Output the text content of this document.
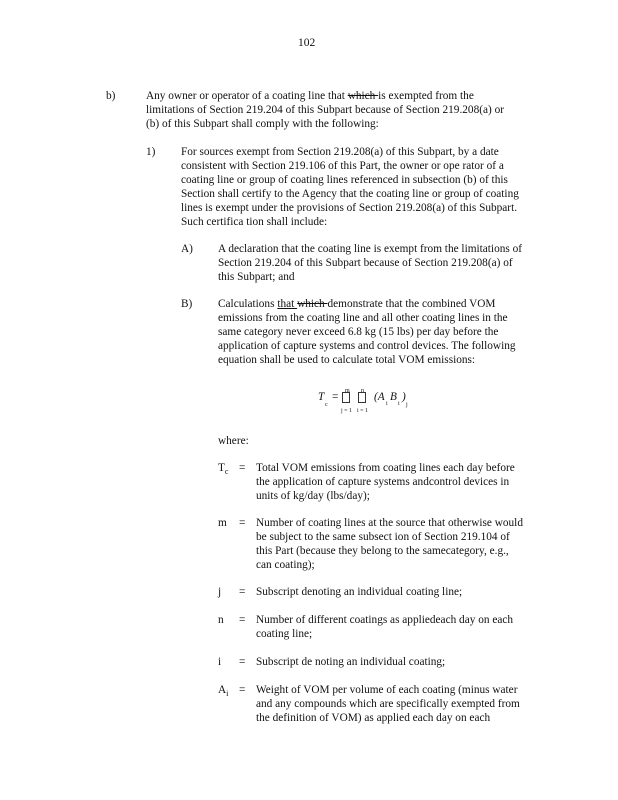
102
b)	Any owner or operator of a coating line that which is exempted from the
limitations of Section 219.204 of this Subpart because of Section 219.208(a) or
(b) of this Subpart shall comply with the following:
1) For sources exempt from Section 219.208(a) of this Subpart, by a date
consistent with Section 219.106 of this Part, the owner or ope rator of a
coating line or group of coating lines referenced in subsection (b) of this
Section shall certify to the Agency that the coating line or group of coating
lines is exempt under the provisions of Section 219.208(a) of this Subpart.
Such certifica tion shall include:
A) A declaration that the coating line is exempt from the limitations of
Section 219.204 of this Subpart because of Section 219.208(a) of
this Subpart; and
B) Calculations that which demonstrate that the combined VOM
emissions from the coating line and all other coating lines in the
same category never exceed 6.8 kg (15 lbs) per day before the
application of capture systems and control devices. The following
equation shall be used to calculate total VOM emissions:
T
c
= m
j = 1
n
i = 1
(A
i
B
i
)
j
where:
$T_c$ = Total VOM emissions from coating lines each day before
the application of capture systems andcontrol devices in
units of kg/day (lbs/day);
m = Number of coating lines at the source that otherwise would
be subject to the same subsect ion of Section 219.104 of
this Part (because they belong to the samecategory, e.g.,
can coating);
j = Subscript denoting an individual coating line;
n = Number of different coatings as appliedeach day on each
coating line;
i = Subscript de noting an individual coating;
$A_i$ = Weight of VOM per volume of each coating (minus water
and any compounds which are specifically exempted from
the definition of VOM) as applied each day on each
